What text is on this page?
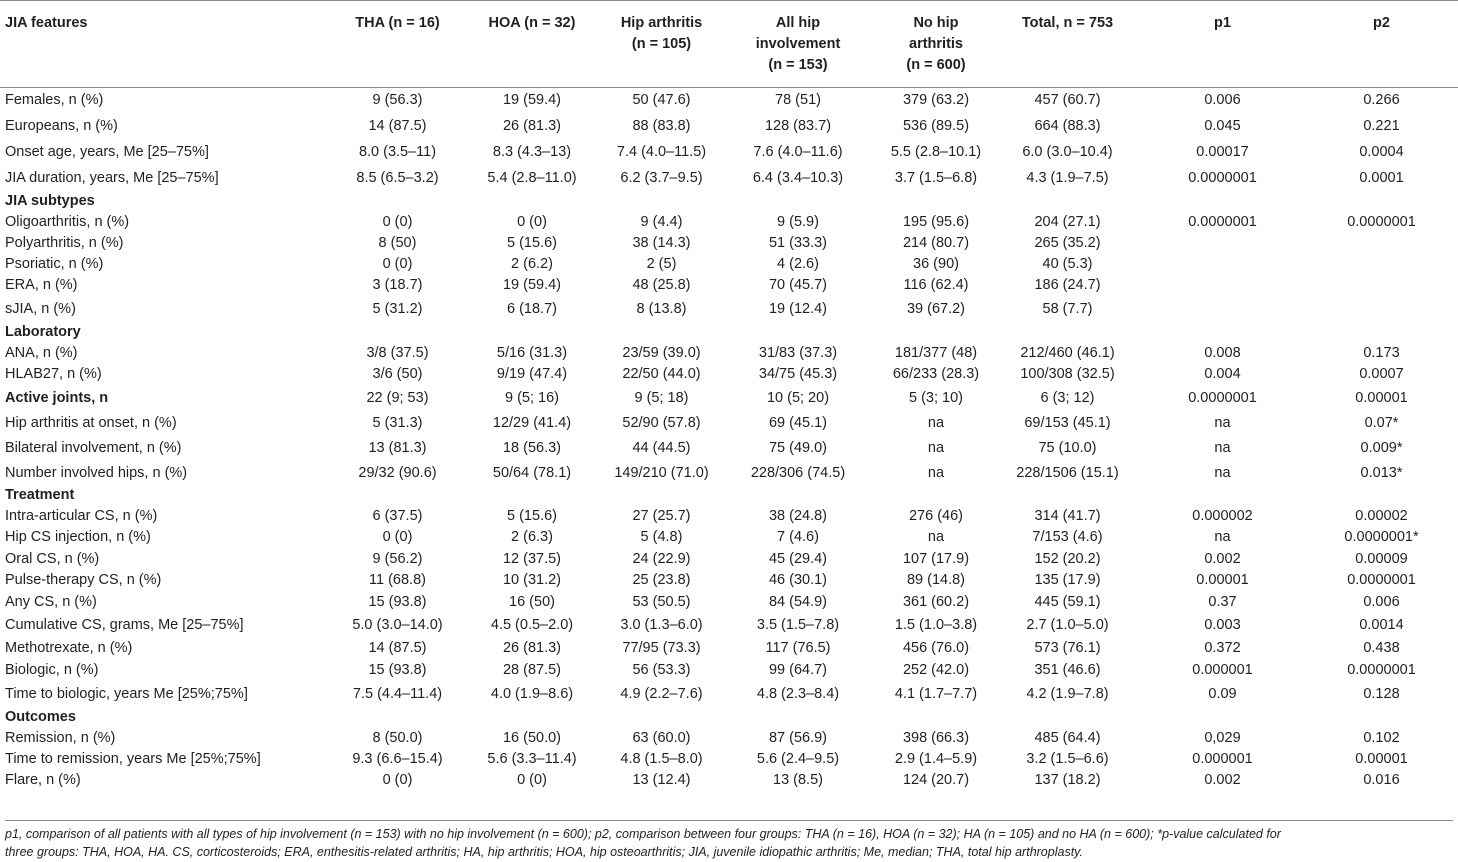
JIA features	THA (n = 16)	HOA (n = 32)	Hip arthritis
(n = 105)	All hip
involvement
(n = 153)	No hip
arthritis
(n = 600)	Total, n = 753	p1	p2
Females, n (%)	9 (56.3)	19 (59.4)	50 (47.6)	78 (51)	379 (63.2)	457 (60.7)	0.006	0.266
Europeans, n (%)	14 (87.5)	26 (81.3)	88 (83.8)	128 (83.7)	536 (89.5)	664 (88.3)	0.045	0.221
Onset age, years, Me [25–75%]	8.0 (3.5–11)	8.3 (4.3–13)	7.4 (4.0–11.5)	7.6 (4.0–11.6)	5.5 (2.8–10.1)	6.0 (3.0–10.4)	0.00017	0.0004
JIA duration, years, Me [25–75%]	8.5 (6.5–3.2)	5.4 (2.8–11.0)	6.2 (3.7–9.5)	6.4 (3.4–10.3)	3.7 (1.5–6.8)	4.3 (1.9–7.5)	0.0000001	0.0001
JIA subtypes								
Oligoarthritis, n (%)	0 (0)	0 (0)	9 (4.4)	9 (5.9)	195 (95.6)	204 (27.1)	0.0000001	0.0000001
Polyarthritis, n (%)	8 (50)	5 (15.6)	38 (14.3)	51 (33.3)	214 (80.7)	265 (35.2)		
Psoriatic, n (%)	0 (0)	2 (6.2)	2 (5)	4 (2.6)	36 (90)	40 (5.3)		
ERA, n (%)	3 (18.7)	19 (59.4)	48 (25.8)	70 (45.7)	116 (62.4)	186 (24.7)		
sJIA, n (%)	5 (31.2)	6 (18.7)	8 (13.8)	19 (12.4)	39 (67.2)	58 (7.7)		
Laboratory								
ANA, n (%)	3/8 (37.5)	5/16 (31.3)	23/59 (39.0)	31/83 (37.3)	181/377 (48)	212/460 (46.1)	0.008	0.173
HLAB27, n (%)	3/6 (50)	9/19 (47.4)	22/50 (44.0)	34/75 (45.3)	66/233 (28.3)	100/308 (32.5)	0.004	0.0007
Active joints, n	22 (9; 53)	9 (5; 16)	9 (5; 18)	10 (5; 20)	5 (3; 10)	6 (3; 12)	0.0000001	0.00001
Hip arthritis at onset, n (%)	5 (31.3)	12/29 (41.4)	52/90 (57.8)	69 (45.1)	na	69/153 (45.1)	na	0.07*
Bilateral involvement, n (%)	13 (81.3)	18 (56.3)	44 (44.5)	75 (49.0)	na	75 (10.0)	na	0.009*
Number involved hips, n (%)	29/32 (90.6)	50/64 (78.1)	149/210 (71.0)	228/306 (74.5)	na	228/1506 (15.1)	na	0.013*
Treatment								
Intra-articular CS, n (%)	6 (37.5)	5 (15.6)	27 (25.7)	38 (24.8)	276 (46)	314 (41.7)	0.000002	0.00002
Hip CS injection, n (%)	0 (0)	2 (6.3)	5 (4.8)	7 (4.6)	na	7/153 (4.6)	na	0.0000001*
Oral CS, n (%)	9 (56.2)	12 (37.5)	24 (22.9)	45 (29.4)	107 (17.9)	152 (20.2)	0.002	0.00009
Pulse-therapy CS, n (%)	11 (68.8)	10 (31.2)	25 (23.8)	46 (30.1)	89 (14.8)	135 (17.9)	0.00001	0.0000001
Any CS, n (%)	15 (93.8)	16 (50)	53 (50.5)	84 (54.9)	361 (60.2)	445 (59.1)	0.37	0.006
Cumulative CS, grams, Me [25–75%]	5.0 (3.0–14.0)	4.5 (0.5–2.0)	3.0 (1.3–6.0)	3.5 (1.5–7.8)	1.5 (1.0–3.8)	2.7 (1.0–5.0)	0.003	0.0014
Methotrexate, n (%)	14 (87.5)	26 (81.3)	77/95 (73.3)	117 (76.5)	456 (76.0)	573 (76.1)	0.372	0.438
Biologic, n (%)	15 (93.8)	28 (87.5)	56 (53.3)	99 (64.7)	252 (42.0)	351 (46.6)	0.000001	0.0000001
Time to biologic, years Me [25%;75%]	7.5 (4.4–11.4)	4.0 (1.9–8.6)	4.9 (2.2–7.6)	4.8 (2.3–8.4)	4.1 (1.7–7.7)	4.2 (1.9–7.8)	0.09	0.128
Outcomes								
Remission, n (%)	8 (50.0)	16 (50.0)	63 (60.0)	87 (56.9)	398 (66.3)	485 (64.4)	0,029	0.102
Time to remission, years Me [25%;75%]	9.3 (6.6–15.4)	5.6 (3.3–11.4)	4.8 (1.5–8.0)	5.6 (2.4–9.5)	2.9 (1.4–5.9)	3.2 (1.5–6.6)	0.000001	0.00001
Flare, n (%)	0 (0)	0 (0)	13 (12.4)	13 (8.5)	124 (20.7)	137 (18.2)	0.002	0.016
p1, comparison of all patients with all types of hip involvement (n = 153) with no hip involvement (n = 600); p2, comparison between four groups: THA (n = 16), HOA (n = 32); HA (n = 105) and no HA (n = 600); *p-value calculated for
three groups: THA, HOA, HA. CS, corticosteroids; ERA, enthesitis-related arthritis; HA, hip arthritis; HOA, hip osteoarthritis; JIA, juvenile idiopathic arthritis; Me, median; THA, total hip arthroplasty.
